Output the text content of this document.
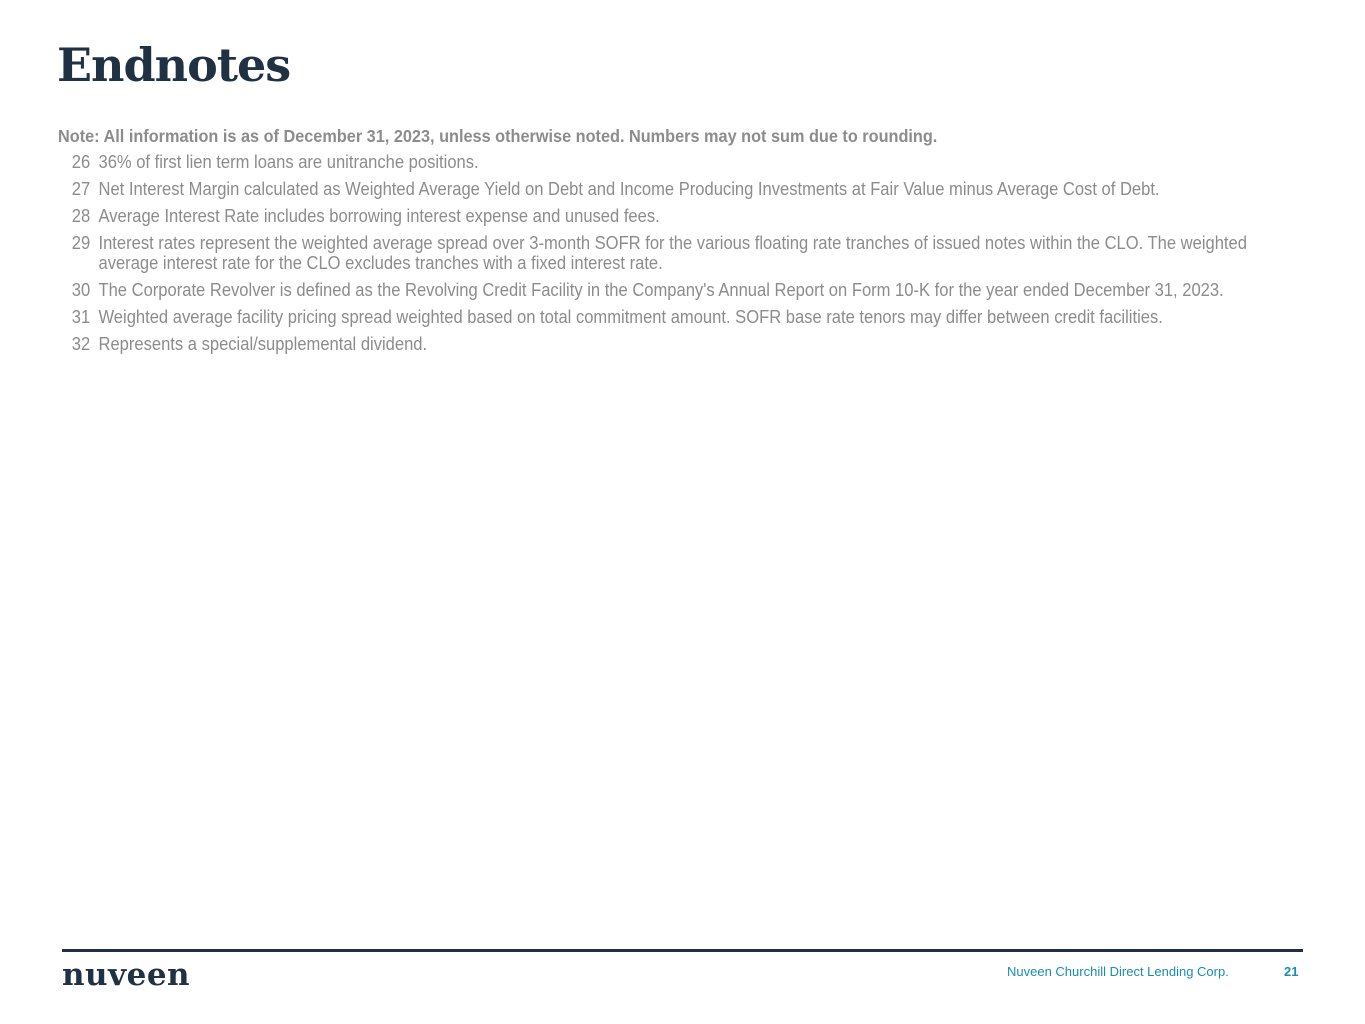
Endnotes
Note: All information is as of December 31, 2023, unless otherwise noted. Numbers may not sum due to rounding.
26 36% of first lien term loans are unitranche positions.
27 Net Interest Margin calculated as Weighted Average Yield on Debt and Income Producing Investments at Fair Value minus Average Cost of Debt.
28 Average Interest Rate includes borrowing interest expense and unused fees.
29 Interest rates represent the weighted average spread over 3-month SOFR for the various floating rate tranches of issued notes within the CLO. The weighted average interest rate for the CLO excludes tranches with a fixed interest rate.
30 The Corporate Revolver is defined as the Revolving Credit Facility in the Company's Annual Report on Form 10-K for the year ended December 31, 2023.
31 Weighted average facility pricing spread weighted based on total commitment amount. SOFR base rate tenors may differ between credit facilities.
32 Represents a special/supplemental dividend.
nuveen	Nuveen Churchill Direct Lending Corp.	21
